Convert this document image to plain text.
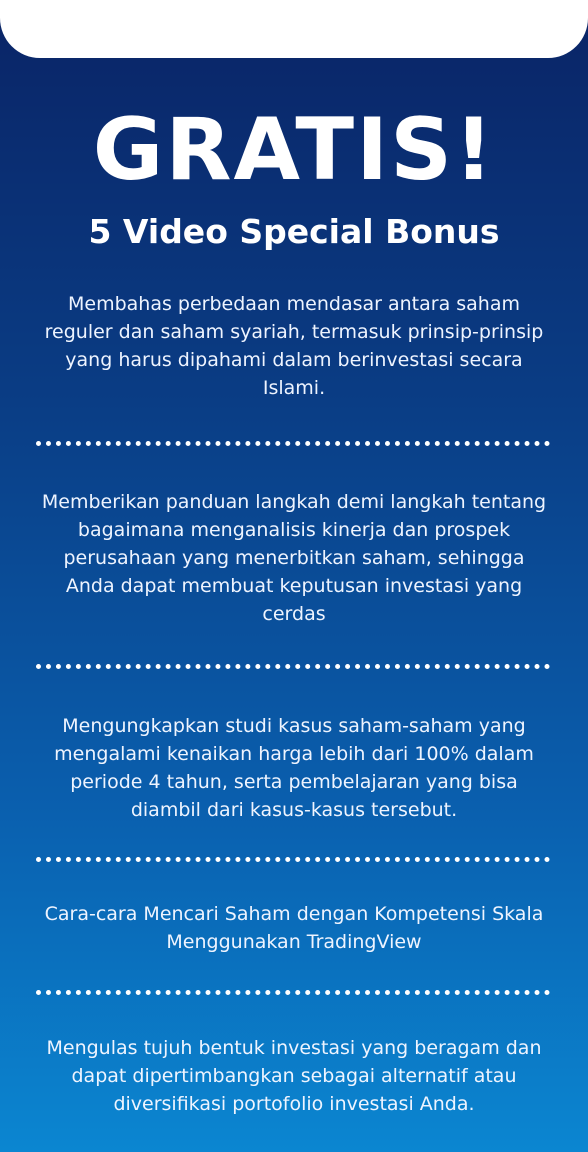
GRATIS!
5 Video Special Bonus

Membahas perbedaan mendasar antara saham reguler dan saham syariah, termasuk prinsip-prinsip yang harus dipahami dalam berinvestasi secara Islami.

Memberikan panduan langkah demi langkah tentang bagaimana menganalisis kinerja dan prospek perusahaan yang menerbitkan saham, sehingga Anda dapat membuat keputusan investasi yang cerdas

Mengungkapkan studi kasus saham-saham yang mengalami kenaikan harga lebih dari 100% dalam periode 4 tahun, serta pembelajaran yang bisa diambil dari kasus-kasus tersebut.

Cara-cara Mencari Saham dengan Kompetensi Skala Menggunakan TradingView

Mengulas tujuh bentuk investasi yang beragam dan dapat dipertimbangkan sebagai alternatif atau diversifikasi portofolio investasi Anda.
